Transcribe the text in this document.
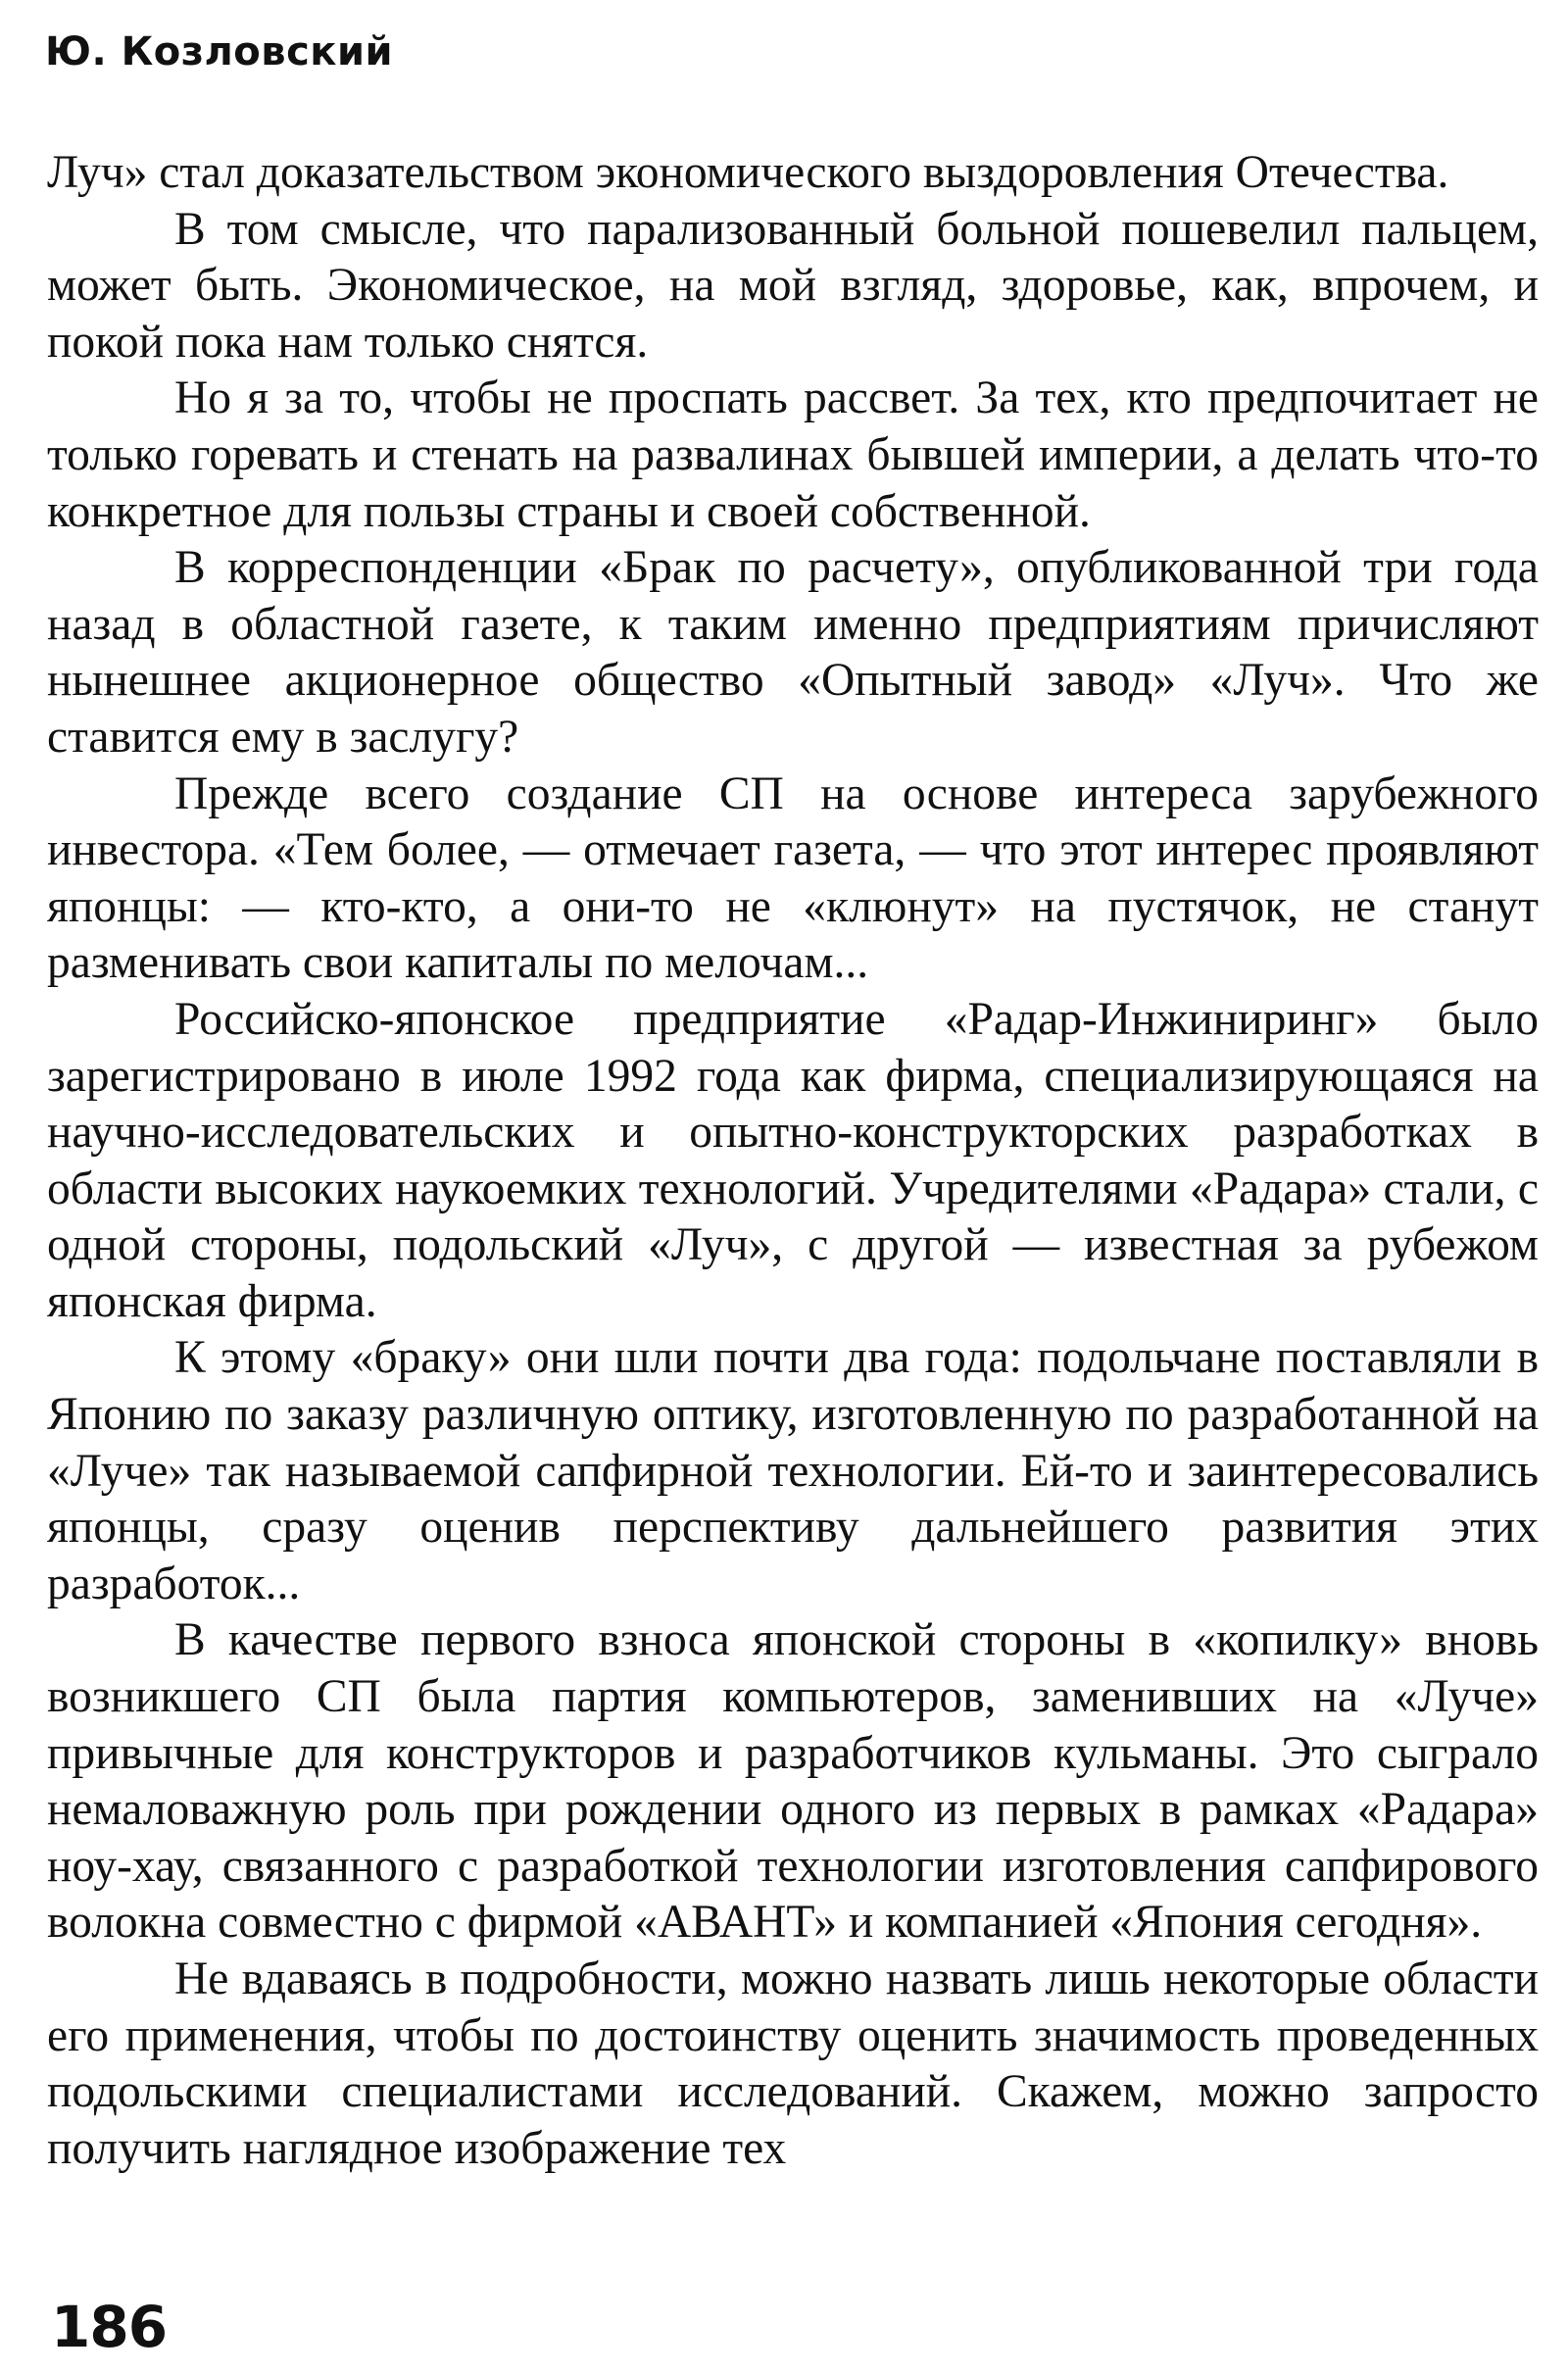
Ю. Козловский

Луч» стал доказательством экономического выздоровления Отечества.

В том смысле, что парализованный больной пошевелил пальцем, может быть. Экономическое, на мой взгляд, здоровье, как, впрочем, и покой пока нам только снятся.

Но я за то, чтобы не проспать рассвет. За тех, кто предпочитает не только горевать и стенать на развалинах бывшей империи, а делать что-то конкретное для пользы страны и своей собственной.

В корреспонденции «Брак по расчету», опубликованной три года назад в областной газете, к таким именно предприятиям причисляют нынешнее акционерное общество «Опытный завод» «Луч». Что же ставится ему в заслугу?

Прежде всего создание СП на основе интереса зарубежного инвестора. «Тем более, — отмечает газета, — что этот интерес проявляют японцы: — кто-кто, а они-то не «клюнут» на пустячок, не станут разменивать свои капиталы по мелочам...

Российско-японское предприятие «Радар-Инжиниринг» было зарегистрировано в июле 1992 года как фирма, специализирующаяся на научно-исследовательских и опытно-конструкторских разработках в области высоких наукоемких технологий. Учредителями «Радара» стали, с одной стороны, подольский «Луч», с другой — известная за рубежом японская фирма.

К этому «браку» они шли почти два года: подольчане поставляли в Японию по заказу различную оптику, изготовленную по разработанной на «Луче» так называемой сапфирной технологии. Ей-то и заинтересовались японцы, сразу оценив перспективу дальнейшего развития этих разработок...

В качестве первого взноса японской стороны в «копилку» вновь возникшего СП была партия компьютеров, заменивших на «Луче» привычные для конструкторов и разработчиков кульманы. Это сыграло немаловажную роль при рождении одного из первых в рамках «Радара» ноу-хау, связанного с разработкой технологии изготовления сапфирового волокна совместно с фирмой «АВАНТ» и компанией «Япония сегодня».

Не вдаваясь в подробности, можно назвать лишь некоторые области его применения, чтобы по достоинству оценить значимость проведенных подольскими специалистами исследований. Скажем, можно запросто получить наглядное изображение тех

186
